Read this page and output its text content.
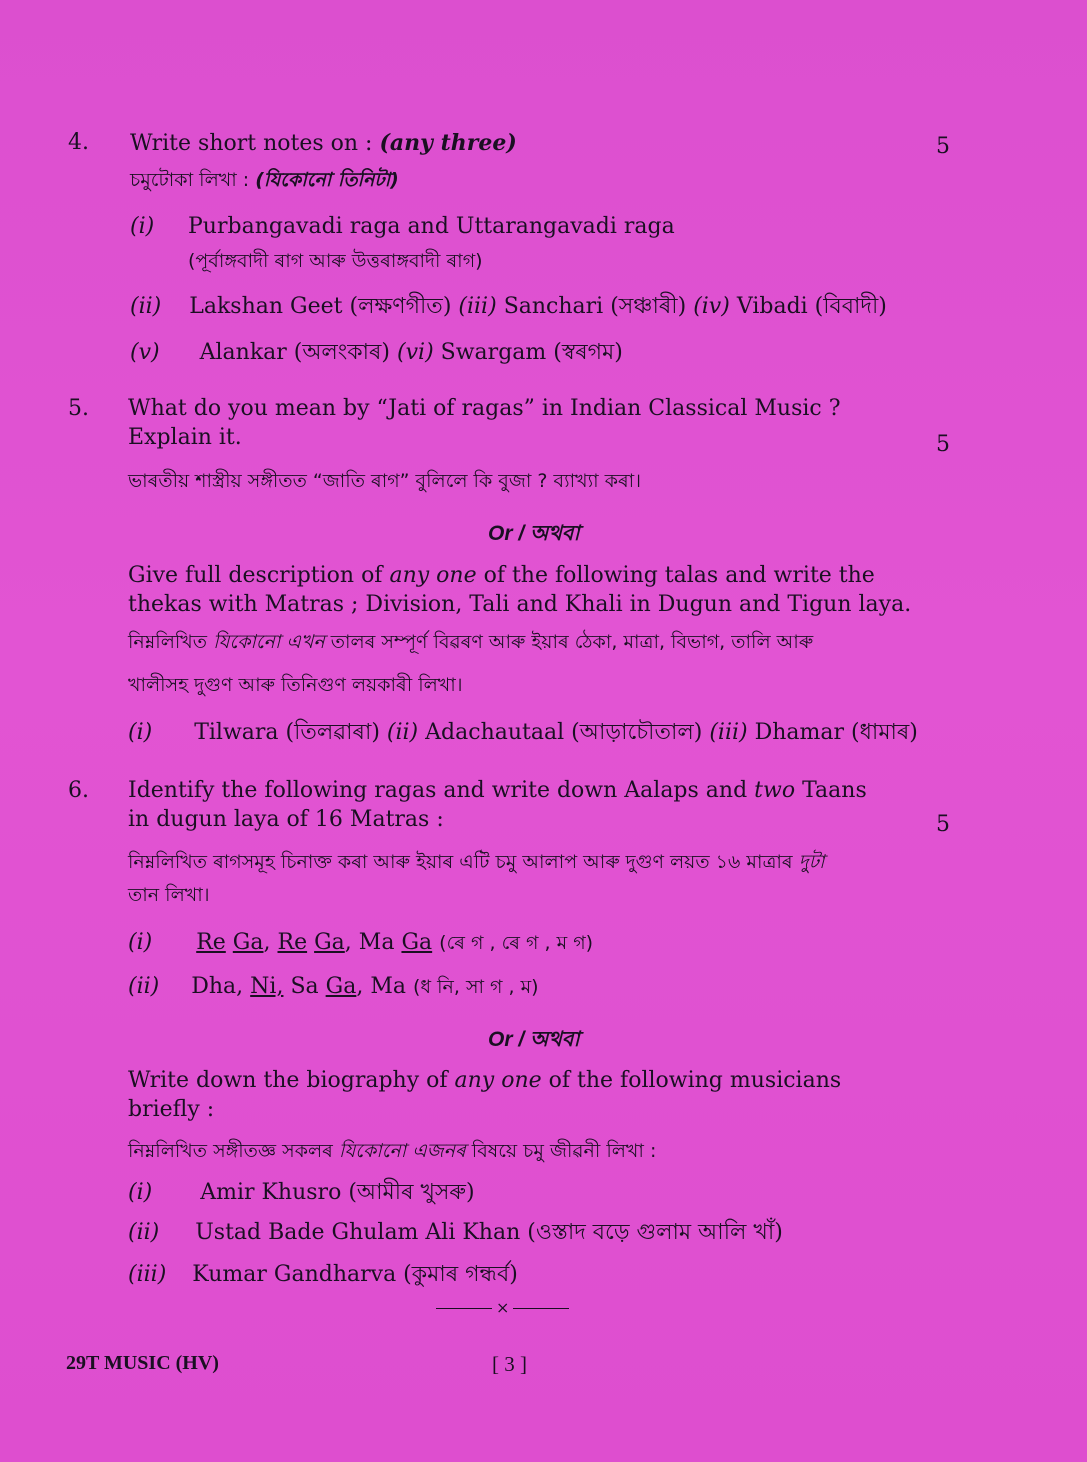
4. Write short notes on : (any three)	5
চমুটোকা লিখা : (যিকোনো তিনিটা)
(i) Purbangavadi raga and Uttarangavadi raga
(পূৰ্বাঙ্গবাদী ৰাগ আৰু উত্তৰাঙ্গবাদী ৰাগ)
(ii) Lakshan Geet (লক্ষণগীত) (iii) Sanchari (সঞ্চাৰী) (iv) Vibadi (বিবাদী)
(v) Alankar (অলংকাৰ) (vi) Swargam (স্বৰগম)
5. What do you mean by “Jati of ragas” in Indian Classical Music ?
Explain it.	5
ভাৰতীয় শাস্ত্ৰীয় সঙ্গীতত “জাতি ৰাগ” বুলিলে কি বুজা ? ব্যাখ্যা কৰা।
Or / অথবা
Give full description of any one of the following talas and write the
thekas with Matras ; Division, Tali and Khali in Dugun and Tigun laya.
নিম্নলিখিত যিকোনো এখন তালৰ সম্পূৰ্ণ বিৱৰণ আৰু ইয়াৰ ঠেকা, মাত্ৰা, বিভাগ, তালি আৰু
খালীসহ দুগুণ আৰু তিনিগুণ লয়কাৰী লিখা।
(i) Tilwara (তিলৱাৰা) (ii) Adachautaal (আড়াচৌতাল) (iii) Dhamar (ধামাৰ)
6. Identify the following ragas and write down Aalaps and two Taans
in dugun laya of 16 Matras :	5
নিম্নলিখিত ৰাগসমূহ চিনাক্ত কৰা আৰু ইয়াৰ এটি চমু আলাপ আৰু দুগুণ লয়ত ১৬ মাত্ৰাৰ দুটা
তান লিখা।
(i) Re Ga, Re Ga, Ma Ga (ৰে গ , ৰে গ , ম গ)
(ii) Dha, Ni, Sa Ga, Ma (ধ নি, সা গ , ম)
Or / অথবা
Write down the biography of any one of the following musicians
briefly :
নিম্নলিখিত সঙ্গীতজ্ঞ সকলৰ যিকোনো এজনৰ বিষয়ে চমু জীৱনী লিখা :
(i) Amir Khusro (আমীৰ খুসৰু)
(ii) Ustad Bade Ghulam Ali Khan (ওস্তাদ বড়ে গুলাম আলি খাঁ)
(iii) Kumar Gandharva (কুমাৰ গন্ধৰ্ব)
×
29T MUSIC (HV)	[ 3 ]
